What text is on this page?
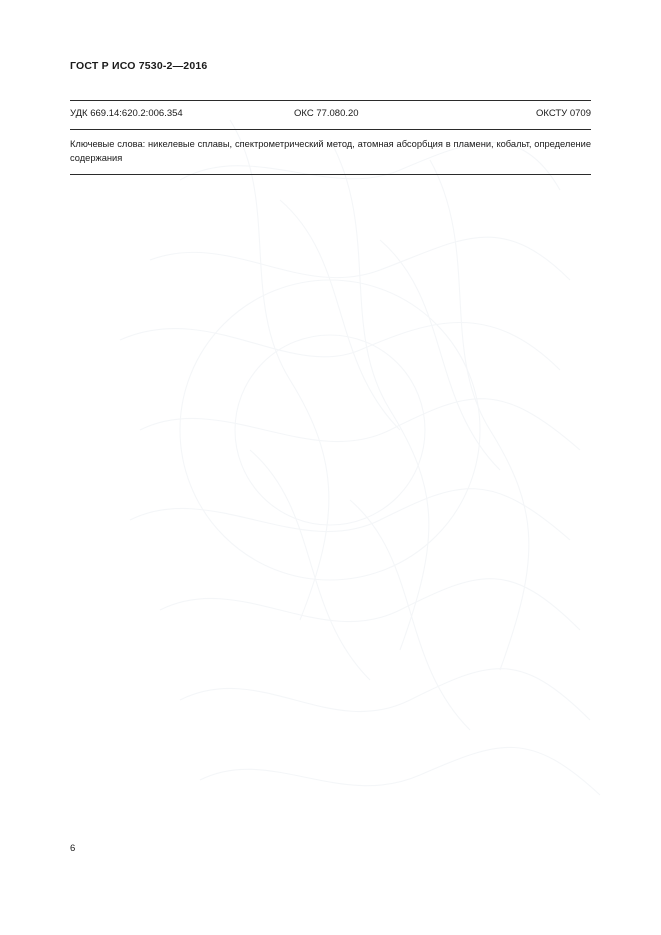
ГОСТ Р ИСО 7530-2—2016
УДК 669.14:620.2:006.354	ОКС 77.080.20	ОКСТУ 0709
Ключевые слова: никелевые сплавы, спектрометрический метод, атомная абсорбция в пламени, кобальт, определение содержания
6
